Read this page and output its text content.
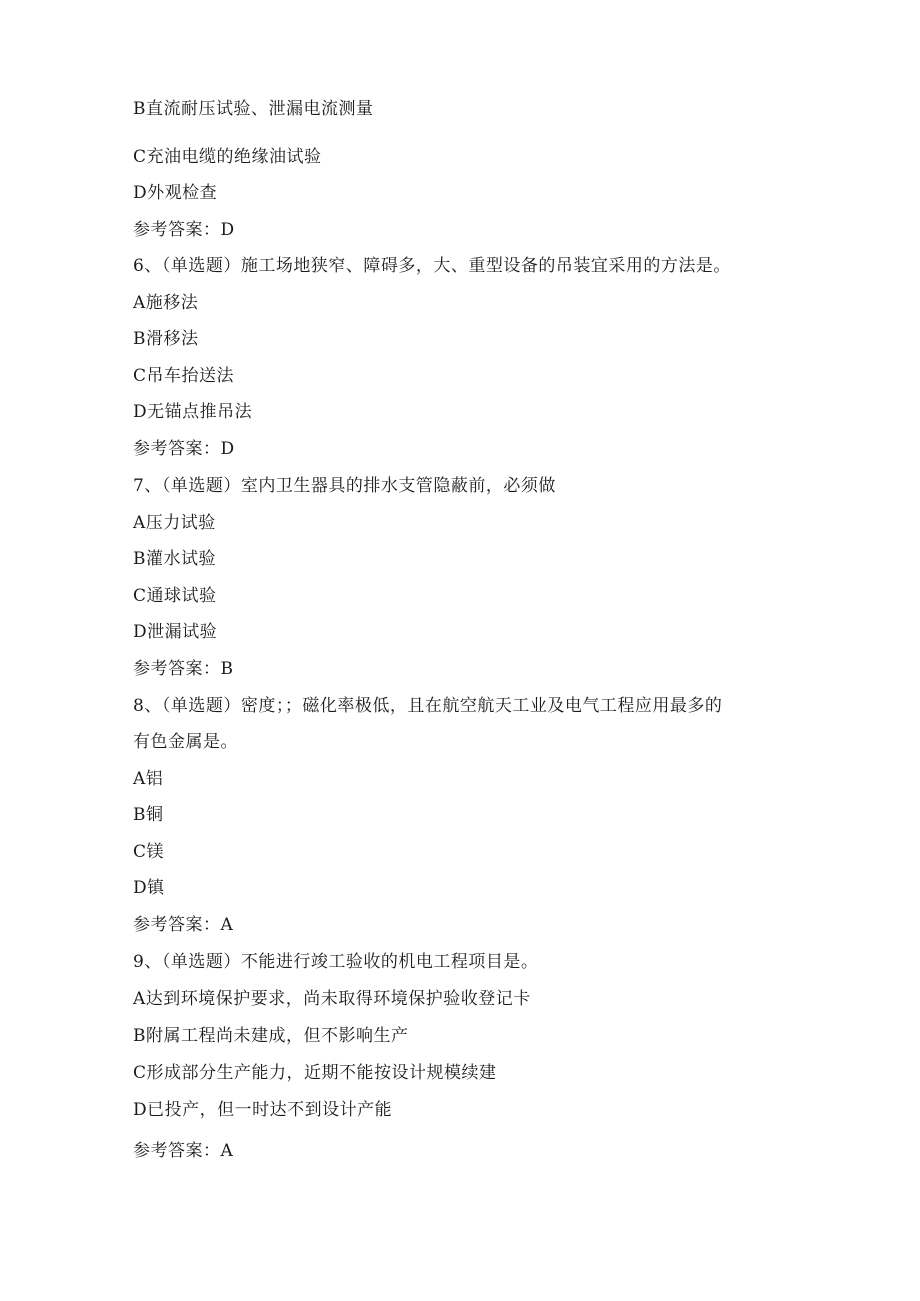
B直流耐压试验、泄漏电流测量
C充油电缆的绝缘油试验
D外观检查
参考答案：D
6、（单选题）施工场地狭窄、障碍多，大、重型设备的吊装宜采用的方法是。
A施移法
B滑移法
C吊车抬送法
D无锚点推吊法
参考答案：D
7、（单选题）室内卫生器具的排水支管隐蔽前，必须做
A压力试验
B灌水试验
C通球试验
D泄漏试验
参考答案：B
8、（单选题）密度；；磁化率极低，且在航空航天工业及电气工程应用最多的
有色金属是。
A铝
B铜
C镁
D镇
参考答案：A
9、（单选题）不能进行竣工验收的机电工程项目是。
A达到环境保护要求，尚未取得环境保护验收登记卡
B附属工程尚未建成，但不影响生产
C形成部分生产能力，近期不能按设计规模续建
D已投产，但一时达不到设计产能
参考答案：A
